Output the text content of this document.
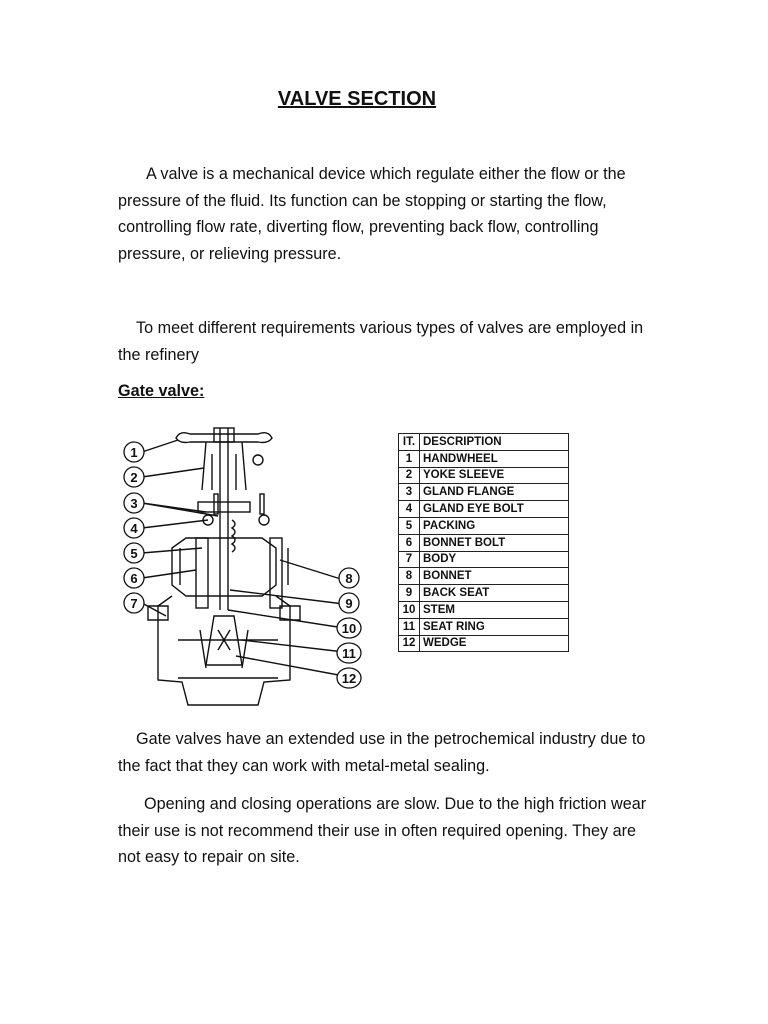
VALVE SECTION

A valve is a mechanical device which regulate either the flow or the pressure of the fluid. Its function can be stopping or starting the flow, controlling flow rate, diverting flow, preventing back flow, controlling pressure, or relieving pressure.

To meet different requirements various types of valves are employed in the refinery

Gate valve:
1
2
3
4
5
6
7
8
9
10
11
12
IT.	DESCRIPTION
1	HANDWHEEL
2	YOKE SLEEVE
3	GLAND FLANGE
4	GLAND EYE BOLT
5	PACKING
6	BONNET BOLT
7	BODY
8	BONNET
9	BACK SEAT
10	STEM
11	SEAT RING
12	WEDGE

Gate valves have an extended use in the petrochemical industry due to the fact that they can work with metal-metal sealing.

Opening and closing operations are slow. Due to the high friction wear their use is not recommend their use in often required opening. They are not easy to repair on site.
